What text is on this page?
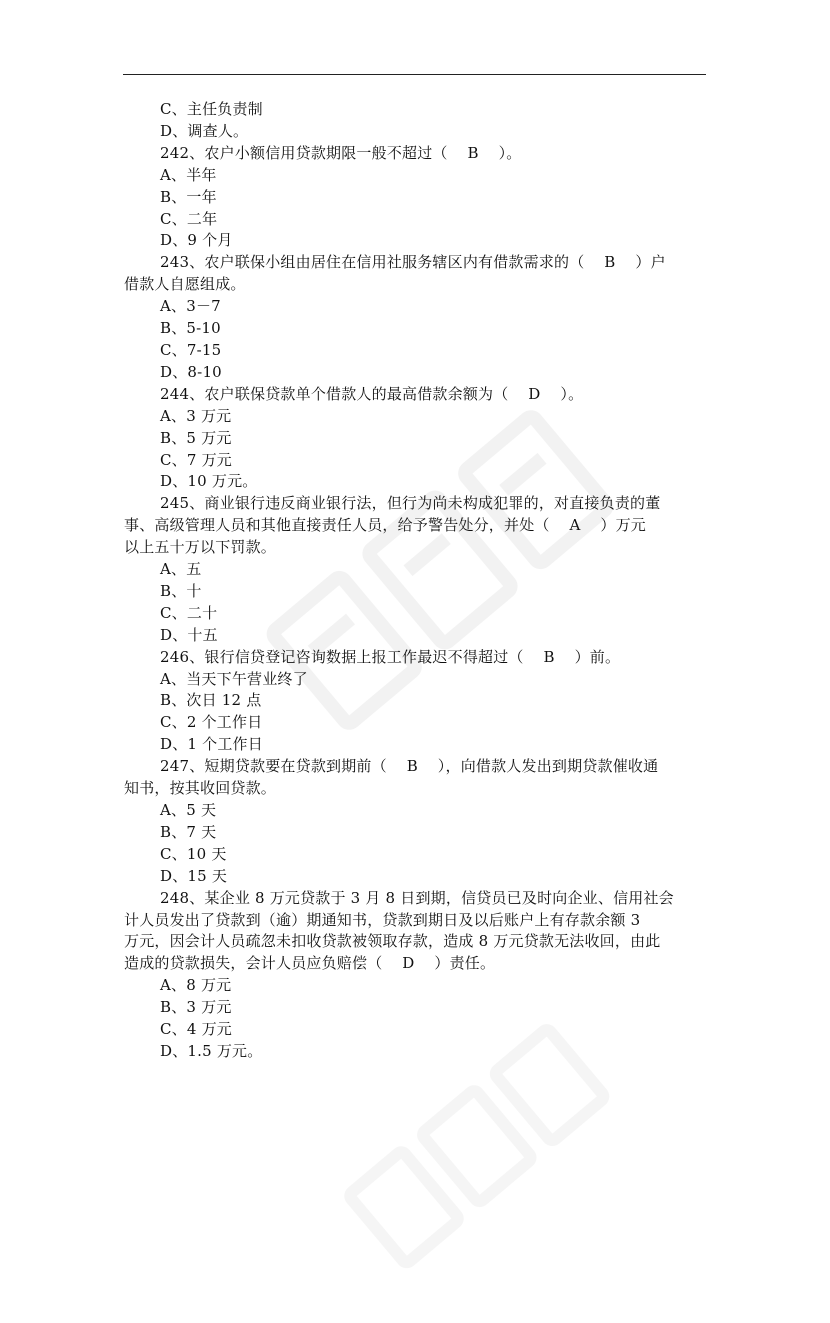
C、主任负责制
D、调查人。
242、农户小额信用贷款期限一般不超过（    B    ）。
A、半年
B、一年
C、二年
D、9 个月
243、农户联保小组由居住在信用社服务辖区内有借款需求的（    B    ）户
借款人自愿组成。
A、3－7
B、5-10
C、7-15
D、8-10
244、农户联保贷款单个借款人的最高借款余额为（    D    ）。
A、3 万元
B、5 万元
C、7 万元
D、10 万元。
245、商业银行违反商业银行法，但行为尚未构成犯罪的，对直接负责的董
事、高级管理人员和其他直接责任人员，给予警告处分，并处（    A    ）万元
以上五十万以下罚款。
A、五
B、十
C、二十
D、十五
246、银行信贷登记咨询数据上报工作最迟不得超过（    B    ）前。
A、当天下午营业终了
B、次日 12 点
C、2 个工作日
D、1 个工作日
247、短期贷款要在贷款到期前（    B    ），向借款人发出到期贷款催收通
知书，按其收回贷款。
A、5 天
B、7 天
C、10 天
D、15 天
248、某企业 8 万元贷款于 3 月 8 日到期，信贷员已及时向企业、信用社会
计人员发出了贷款到（逾）期通知书，贷款到期日及以后账户上有存款余额 3
万元，因会计人员疏忽未扣收贷款被领取存款，造成 8 万元贷款无法收回，由此
造成的贷款损失，会计人员应负赔偿（    D    ）责任。
A、8 万元
B、3 万元
C、4 万元
D、1.5 万元。
